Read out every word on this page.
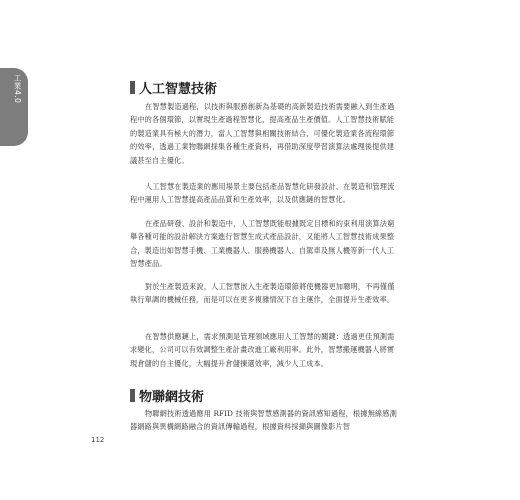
工業4.0	人工智慧技術

在智慧製造過程，以技術與服務創新為基礎的高新製造技術需要融入到生產過程中的各個環節，以實現生產過程智慧化，提高產品生產價值。人工智慧技術賦能的製造業具有極大的潛力，當人工智慧與相關技術結合，可優化製造業各流程環節的效率，透過工業物聯網採集各種生產資料，再借助深度學習演算法處理後提供建議甚至自主優化。

人工智慧在製造業的應用場景主要包括產品智慧化研發設計、在製造和管理流程中運用人工智慧提高產品品質和生產效率，以及供應鏈的智慧化。

在產品研發、設計和製造中，人工智慧既能根據既定目標和約束利用演算法窮舉各種可能的設計解決方案進行智慧生成式產品設計，又能將人工智慧技術成果整合，製造出如智慧手機、工業機器人、服務機器人、自駕車及無人機等新一代人工智慧產品。

對於生產製造來說，人工智慧嵌入生產製造環節將使機器更加聰明，不再僅僅執行單調的機械任務，而是可以在更多複雜情況下自主運作，全面提升生產效率。

在智慧供應鏈上，需求預測是管理領域應用人工智慧的關鍵：透過更佳預測需求變化，公司可以有效調整生產計畫改進工廠利用率。此外，智慧搬運機器人將實現倉儲的自主優化，大幅提升倉儲揀選效率，減少人工成本。

物聯網技術

物聯網技術透過應用 RFID 技術與智慧感測器的資訊感知過程，根據無線感測器網路與異構網路融合的資訊傳輸過程，根據資料採擷與圖像影片智

112
